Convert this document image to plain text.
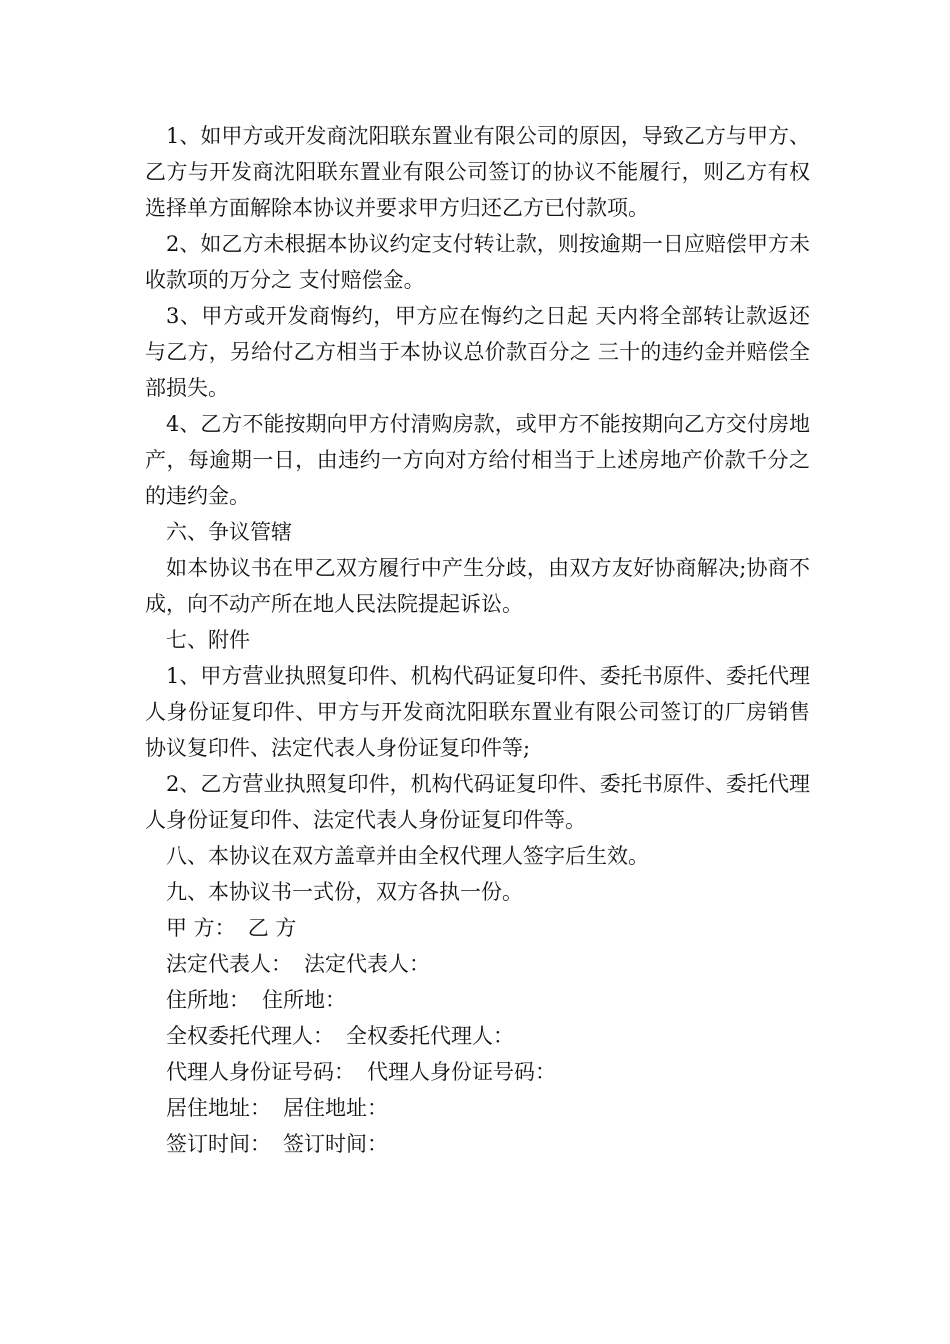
1、如甲方或开发商沈阳联东置业有限公司的原因，导致乙方与甲方、乙方与开发商沈阳联东置业有限公司签订的协议不能履行，则乙方有权选择单方面解除本协议并要求甲方归还乙方已付款项。

2、如乙方未根据本协议约定支付转让款，则按逾期一日应赔偿甲方未收款项的万分之 支付赔偿金。

3、甲方或开发商悔约，甲方应在悔约之日起 天内将全部转让款返还与乙方，另给付乙方相当于本协议总价款百分之 三十的违约金并赔偿全部损失。

4、乙方不能按期向甲方付清购房款，或甲方不能按期向乙方交付房地产，每逾期一日，由违约一方向对方给付相当于上述房地产价款千分之 的违约金。

六、争议管辖

如本协议书在甲乙双方履行中产生分歧，由双方友好协商解决;协商不成，向不动产所在地人民法院提起诉讼。

七、附件

1、甲方营业执照复印件、机构代码证复印件、委托书原件、委托代理人身份证复印件、甲方与开发商沈阳联东置业有限公司签订的厂房销售协议复印件、法定代表人身份证复印件等;

2、乙方营业执照复印件，机构代码证复印件、委托书原件、委托代理人身份证复印件、法定代表人身份证复印件等。

八、本协议在双方盖章并由全权代理人签字后生效。

九、本协议书一式份，双方各执一份。

甲 方： 乙 方

法定代表人： 法定代表人：

住所地： 住所地：

全权委托代理人： 全权委托代理人：

代理人身份证号码： 代理人身份证号码：

居住地址： 居住地址：

签订时间： 签订时间：
